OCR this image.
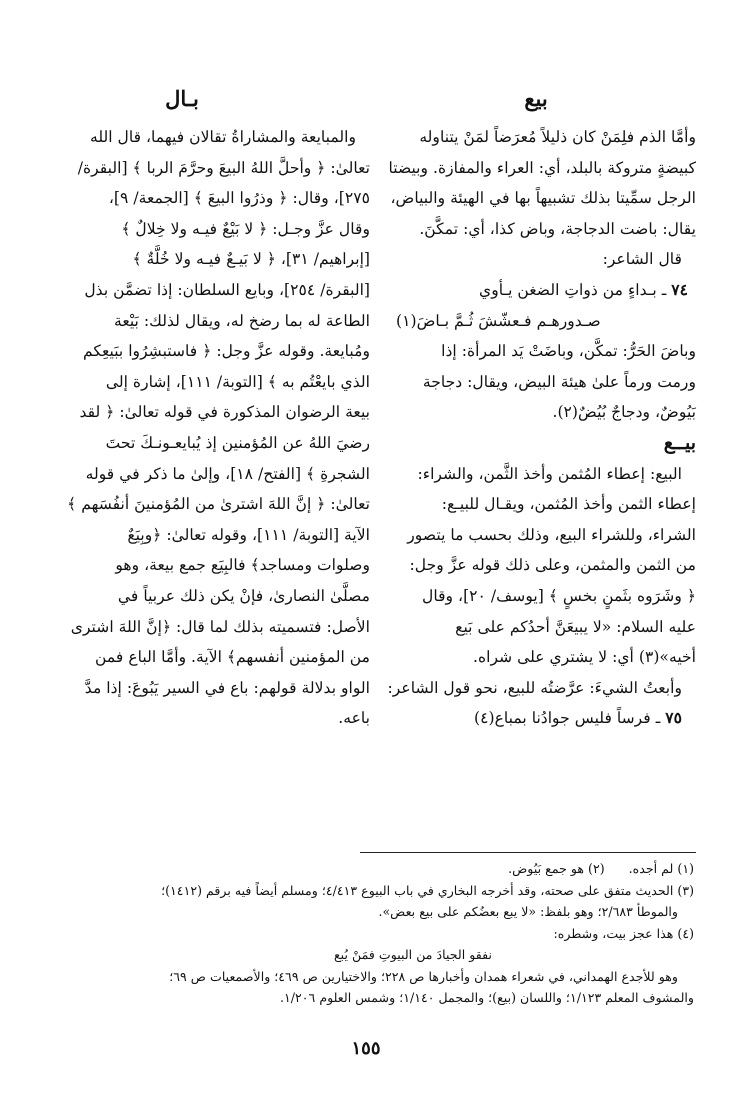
بيع
بـال

وأمَّا الذم فلِمَنْ كان ذليلاً مُعرَضاً لمَنْ يتناوله

كبيضةٍ متروكة بالبلد، أي: العراء والمفازة. وبيضتا

الرجل سمِّيتا بذلك تشبيهاً بها في الهيئة والبياض،

يقال: باضت الدجاجة، وباض كذا، أي: تمكَّنَ.

قال الشاعر:

٧٤ ـ بـداءٍ من ذواتِ الضغن يـأوي
صـدورهـم فـعشّشَ ثُـمَّ بـاضَ(١)

وباضَ الحَرُّ: تمكَّن، وباضَتْ يَد المرأة: إذا

ورمت ورماً علىٰ هيئة البيض، ويقال: دجاجة

بَيُوضٌ، ودجاجٌ بُيُضٌ(٢).

بيــع

البيع: إعطاء المُثمن وأخذ الثَّمن، والشراء:

إعطاء الثمن وأخذ المُثمن، ويقـال للبيـع:

الشراء، وللشراء البيع، وذلك بحسب ما يتصور

من الثمن والمثمن، وعلى ذلك قوله عزَّ وجل:

﴿ وشَرَوه بثَمنٍ بخسٍ ﴾ [يوسف/ ٢٠]، وقال

عليه السلام: «لا يبيعَنَّ أحدُكم على بَيع

أخيه»(٣) أي: لا يشتري على شراه.

وأبعتُ الشيءَ: عرَّضتُه للبيع، نحو قول الشاعر:

٧٥ ـ فرساً فليس جوادُنا بمباع(٤)

والمبايعة والمشاراةُ تقالان فيهما، قال الله

تعالىٰ: ﴿ وأحلَّ اللهُ البيعَ وحرَّمَ الربا ﴾ [البقرة/

٢٧٥]، وقال: ﴿ وذرُوا البيعَ ﴾ [الجمعة/ ٩]،

وقال عزَّ وجـل: ﴿ لا بَيْعٌ فيـه ولا خِلالٌ ﴾

[إبراهيم/ ٣١]، ﴿ لا بَيـعٌ فيـه ولا خُلَّةٌ ﴾

[البقرة/ ٢٥٤]، وبايع السلطان: إذا تضمَّن بذل

الطاعة له بما رضخ له، ويقال لذلك: بَيْعة

ومُبايعة. وقوله عزَّ وجل: ﴿ فاستبشِرُوا ببَيعِكم

الذي بايعْتُم به ﴾ [التوبة/ ١١١]، إشارة إلى

بيعة الرضوان المذكورة في قوله تعالىٰ: ﴿ لقد

رضيَ اللهُ عن المُؤمنين إذ يُبايعـونـكَ تحتَ

الشجرةِ ﴾ [الفتح/ ١٨]، وإلىٰ ما ذكر في قوله

تعالىٰ: ﴿ إنَّ اللهَ اشترىٰ من المُؤمنينَ أنفُسَهم ﴾

الآية [التوبة/ ١١١]، وقوله تعالىٰ: ﴿وبِيَعٌ

وصلوات ومساجد﴾ فالبِيَع جمع بيعة، وهو

مصلَّىٰ النصارىٰ، فإنْ يكن ذلك عربياً في

الأصل: فتسميته بذلك لما قال: ﴿إنَّ اللهَ اشترى

من المؤمنين أنفسهم﴾ الآية. وأمَّا الباع فمن

الواو بدلالة قولهم: باع في السير يَبُوعَ: إذا مدَّ

باعه.

(١) لم أجده.      (٢) هو جمع بَيُوض.

(٣) الحديث متفق على صحته، وقد أخرجه البخاري في باب البيوع ٤/٤١٣؛ ومسلم أيضاً فيه برقم (١٤١٢)؛

والموطأ ٢/٦٨٣؛ وهو بلفظ: «لا يبع بعضُكم على بيع بعض».

(٤) هذا عجز بيت، وشطره:

نفقو الجيادَ من البيوتِ فمَنْ يُبع

وهو للأجدع الهمداني، في شعراء همدان وأخبارها ص ٢٢٨؛ والاختيارين ص ٤٦٩؛ والأصمعيات ص ٦٩؛

والمشوف المعلم ١/١٢٣؛ واللسان (بيع)؛ والمجمل ١/١٤٠؛ وشمس العلوم ١/٢٠٦.

١٥٥
